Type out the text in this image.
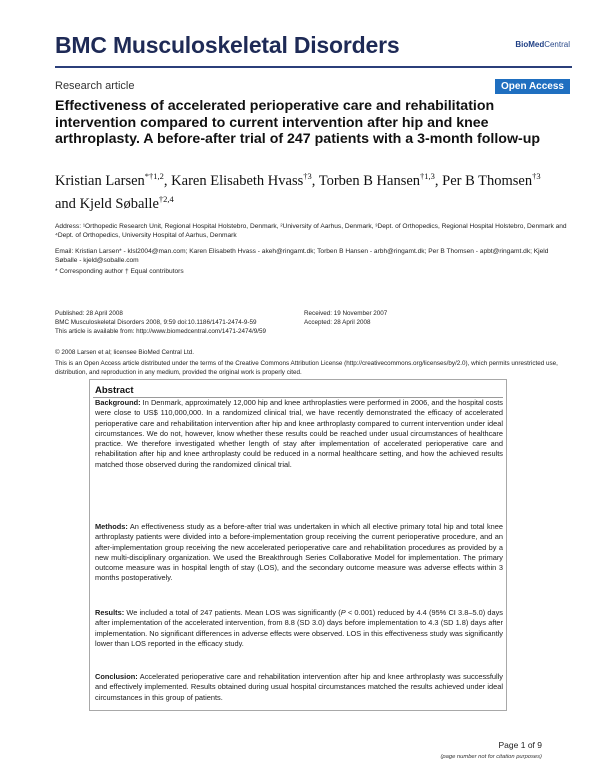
BMC Musculoskeletal Disorders	BioMedCentral
Research article	Open Access
Effectiveness of accelerated perioperative care and rehabilitation intervention compared to current intervention after hip and knee arthroplasty. A before-after trial of 247 patients with a 3-month follow-up
Kristian Larsen$^{*\dagger 1,2}$, Karen Elisabeth Hvass$^{\dagger 3}$, Torben B Hansen$^{\dagger 1,3}$, Per B Thomsen$^{\dagger 3}$ and Kjeld Søballe$^{\dagger 2,4}$
Address: ¹Orthopedic Research Unit, Regional Hospital Holstebro, Denmark, ²University of Aarhus, Denmark, ³Dept. of Orthopedics, Regional Hospital Holstebro, Denmark and ⁴Dept. of Orthopedics, University Hospital of Aarhus, Denmark
Email: Kristian Larsen* - klsl2004@man.com; Karen Elisabeth Hvass - akeh@ringamt.dk; Torben B Hansen - arbh@ringamt.dk; Per B Thomsen - apbt@ringamt.dk; Kjeld Søballe - kjeld@soballe.com
* Corresponding author † Equal contributors
Published: 28 April 2008
BMC Musculoskeletal Disorders 2008, 9:59 doi:10.1186/1471-2474-9-59
This article is available from: http://www.biomedcentral.com/1471-2474/9/59
Received: 19 November 2007
Accepted: 28 April 2008
© 2008 Larsen et al; licensee BioMed Central Ltd.
This is an Open Access article distributed under the terms of the Creative Commons Attribution License (http://creativecommons.org/licenses/by/2.0), which permits unrestricted use, distribution, and reproduction in any medium, provided the original work is properly cited.
Abstract
Background: In Denmark, approximately 12,000 hip and knee arthroplasties were performed in 2006, and the hospital costs were close to US$ 110,000,000. In a randomized clinical trial, we have recently demonstrated the efficacy of accelerated perioperative care and rehabilitation intervention after hip and knee arthroplasty compared to current intervention under ideal circumstances. We do not, however, know whether these results could be reached under usual circumstances of healthcare practice. We therefore investigated whether length of stay after implementation of accelerated perioperative care and rehabilitation after hip and knee arthroplasty could be reduced in a normal healthcare setting, and how the achieved results matched those observed during the randomized clinical trial.
Methods: An effectiveness study as a before-after trial was undertaken in which all elective primary total hip and total knee arthroplasty patients were divided into a before-implementation group receiving the current perioperative procedure, and an after-implementation group receiving the new accelerated perioperative care and rehabilitation procedures as provided by a new multi-disciplinary organization. We used the Breakthrough Series Collaborative Model for implementation. The primary outcome measure was in hospital length of stay (LOS), and the secondary outcome measure was adverse effects within 3 months postoperatively.
Results: We included a total of 247 patients. Mean LOS was significantly (P < 0.001) reduced by 4.4 (95% CI 3.8–5.0) days after implementation of the accelerated intervention, from 8.8 (SD 3.0) days before implementation to 4.3 (SD 1.8) days after implementation. No significant differences in adverse effects were observed. LOS in this effectiveness study was significantly lower than LOS reported in the efficacy study.
Conclusion: Accelerated perioperative care and rehabilitation intervention after hip and knee arthroplasty was successfully and effectively implemented. Results obtained during usual hospital circumstances matched the results achieved under ideal circumstances in this group of patients.
Page 1 of 9
(page number not for citation purposes)
